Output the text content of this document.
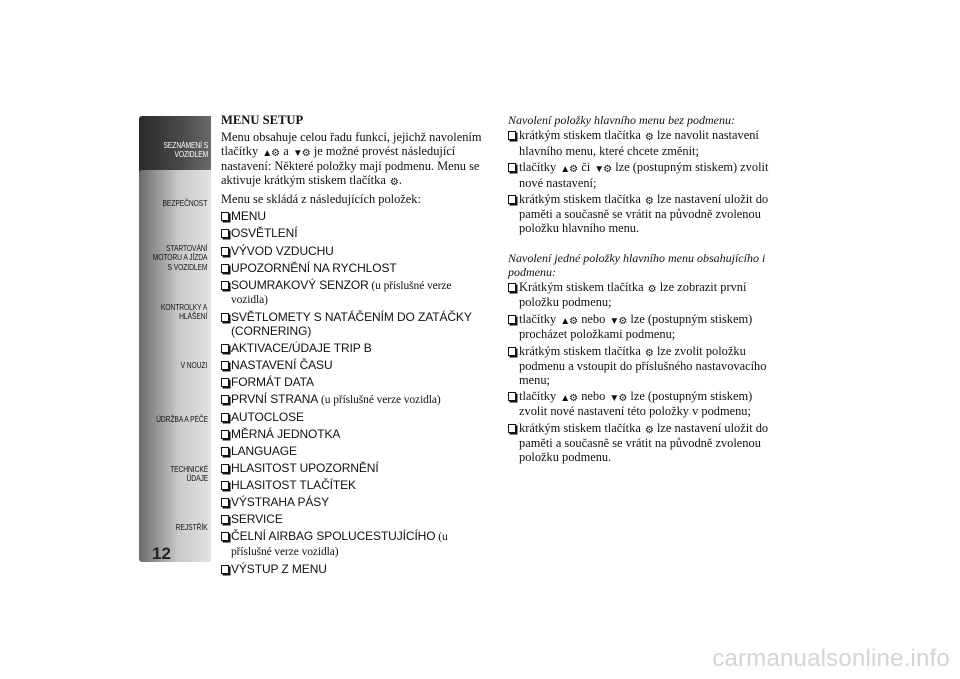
SEZNÁMENÍ S
VOZIDLEM
BEZPEČNOST
STARTOVÁNÍ
MOTORU A JÍZDA
S VOZIDLEM
KONTROLKY A
HLÁŠENÍ
V NOUZI
ÚDRŽBA A PÉČE
TECHNICKÉ
ÚDAJE
REJSTŘÍK
12
MENU SETUP

Menu obsahuje celou řadu funkcí, jejichž navolením tlačítky ▲⚙ a ▼⚙ je možné provést následující nastavení: Některé položky mají podmenu. Menu se aktivuje krátkým stiskem tlačítka ⚙.

Menu se skládá z následujících položek:

MENU
OSVĚTLENÍ
VÝVOD VZDUCHU
UPOZORNĚNÍ NA RYCHLOST
SOUMRAKOVÝ SENZOR (u příslušné verze vozidla)
SVĚTLOMETY S NATÁČENÍM DO ZATÁČKY (CORNERING)
AKTIVACE/ÚDAJE TRIP B
NASTAVENÍ ČASU
FORMÁT DATA
PRVNÍ STRANA (u příslušné verze vozidla)
AUTOCLOSE
MĚRNÁ JEDNOTKA
LANGUAGE
HLASITOST UPOZORNĚNÍ
HLASITOST TLAČÍTEK
VÝSTRAHA PÁSY
SERVICE
ČELNÍ AIRBAG SPOLUCESTUJÍCÍHO (u příslušné verze vozidla)
VÝSTUP Z MENU
Navolení položky hlavního menu bez podmenu:
krátkým stiskem tlačítka ⚙ lze navolit nastavení hlavního menu, které chcete změnit;
tlačítky ▲⚙ či ▼⚙ lze (postupným stiskem) zvolit nové nastavení;
krátkým stiskem tlačítka ⚙ lze nastavení uložit do paměti a současně se vrátit na původně zvolenou položku hlavního menu.
Navolení jedné položky hlavního menu obsahujícího i podmenu:
Krátkým stiskem tlačítka ⚙ lze zobrazit první položku podmenu;
tlačítky ▲⚙ nebo ▼⚙ lze (postupným stiskem) procházet položkami podmenu;
krátkým stiskem tlačítka ⚙ lze zvolit položku podmenu a vstoupit do příslušného nastavovacího menu;
tlačítky ▲⚙ nebo ▼⚙ lze (postupným stiskem) zvolit nové nastavení této položky v podmenu;
krátkým stiskem tlačítka ⚙ lze nastavení uložit do paměti a současně se vrátit na původně zvolenou položku podmenu.
carmanualsonline.info
